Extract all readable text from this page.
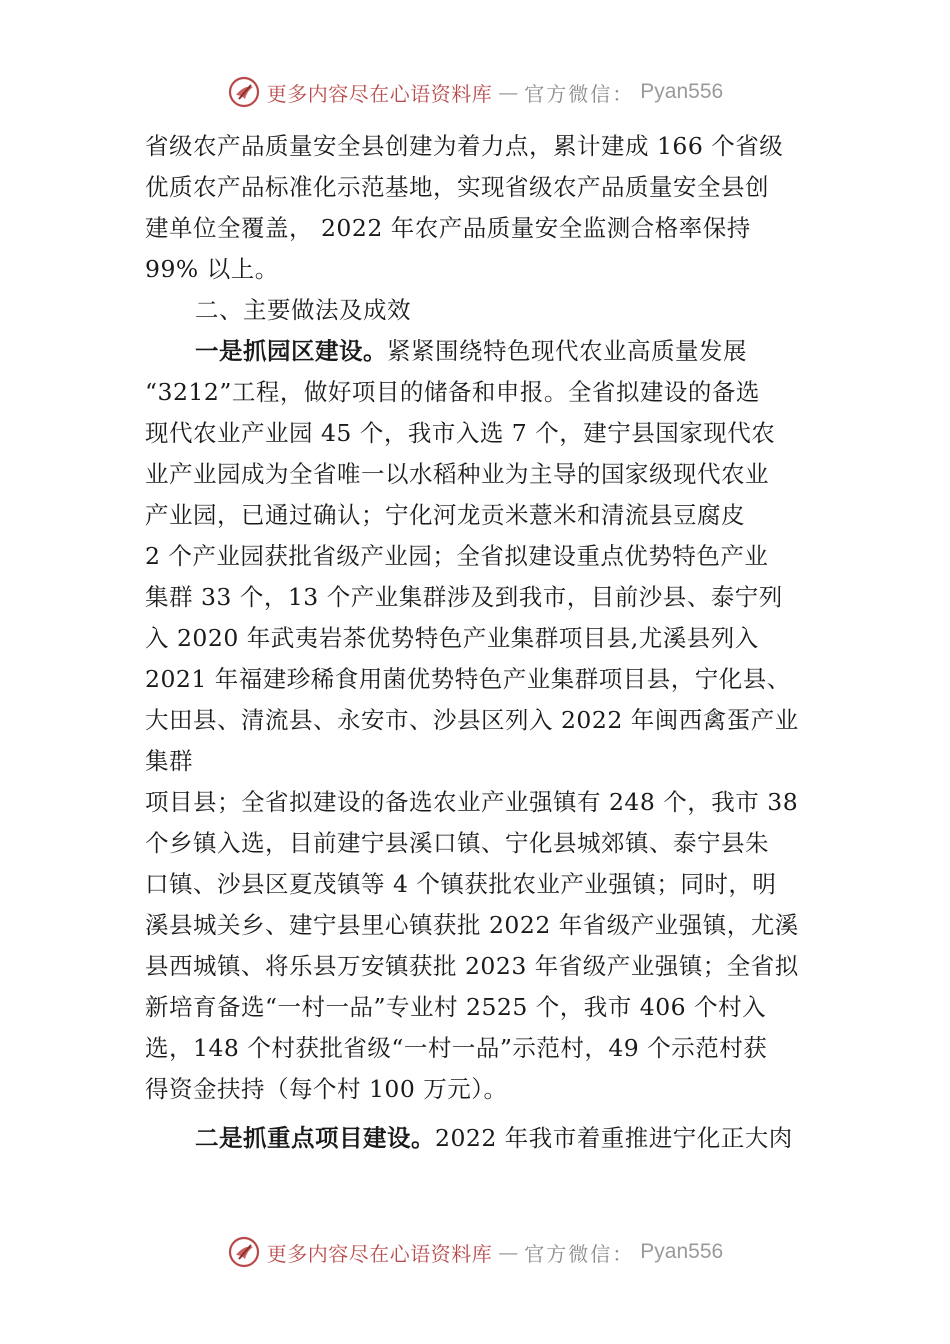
更多内容尽在心语资料库 — 官方微信： Pyan556
省级农产品质量安全县创建为着力点，累计建成 166 个省级
优质农产品标准化示范基地，实现省级农产品质量安全县创
建单位全覆盖， 2022 年农产品质量安全监测合格率保持
99% 以上。
二、主要做法及成效
一是抓园区建设。紧紧围绕特色现代农业高质量发展
“3212”工程，做好项目的储备和申报。全省拟建设的备选
现代农业产业园 45 个，我市入选 7 个，建宁县国家现代农
业产业园成为全省唯一以水稻种业为主导的国家级现代农业
产业园，已通过确认；宁化河龙贡米薏米和清流县豆腐皮
2 个产业园获批省级产业园；全省拟建设重点优势特色产业
集群 33 个，13 个产业集群涉及到我市，目前沙县、泰宁列
入 2020 年武夷岩茶优势特色产业集群项目县,尤溪县列入
2021 年福建珍稀食用菌优势特色产业集群项目县，宁化县、
大田县、清流县、永安市、沙县区列入 2022 年闽西禽蛋产业
集群
项目县；全省拟建设的备选农业产业强镇有 248 个，我市 38
个乡镇入选，目前建宁县溪口镇、宁化县城郊镇、泰宁县朱
口镇、沙县区夏茂镇等 4 个镇获批农业产业强镇；同时，明
溪县城关乡、建宁县里心镇获批 2022 年省级产业强镇，尤溪
县西城镇、将乐县万安镇获批 2023 年省级产业强镇；全省拟
新培育备选“一村一品”专业村 2525 个，我市 406 个村入
选，148 个村获批省级“一村一品”示范村，49 个示范村获
得资金扶持（每个村 100 万元）。
二是抓重点项目建设。2022 年我市着重推进宁化正大肉
更多内容尽在心语资料库 — 官方微信： Pyan556
